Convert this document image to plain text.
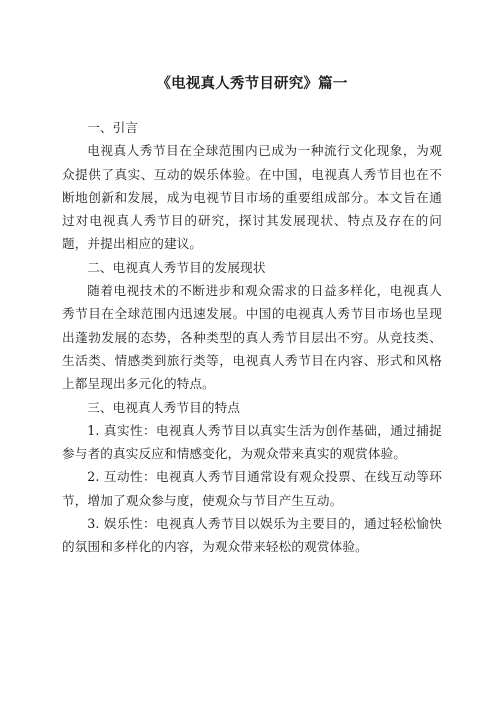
《电视真人秀节目研究》篇一

一、引言

电视真人秀节目在全球范围内已成为一种流行文化现象，为观众提供了真实、互动的娱乐体验。在中国，电视真人秀节目也在不断地创新和发展，成为电视节目市场的重要组成部分。本文旨在通过对电视真人秀节目的研究，探讨其发展现状、特点及存在的问题，并提出相应的建议。

二、电视真人秀节目的发展现状

随着电视技术的不断进步和观众需求的日益多样化，电视真人秀节目在全球范围内迅速发展。中国的电视真人秀节目市场也呈现出蓬勃发展的态势，各种类型的真人秀节目层出不穷。从竞技类、生活类、情感类到旅行类等，电视真人秀节目在内容、形式和风格上都呈现出多元化的特点。

三、电视真人秀节目的特点

1. 真实性：电视真人秀节目以真实生活为创作基础，通过捕捉参与者的真实反应和情感变化，为观众带来真实的观赏体验。

2. 互动性：电视真人秀节目通常设有观众投票、在线互动等环节，增加了观众参与度，使观众与节目产生互动。

3. 娱乐性：电视真人秀节目以娱乐为主要目的，通过轻松愉快的氛围和多样化的内容，为观众带来轻松的观赏体验。
